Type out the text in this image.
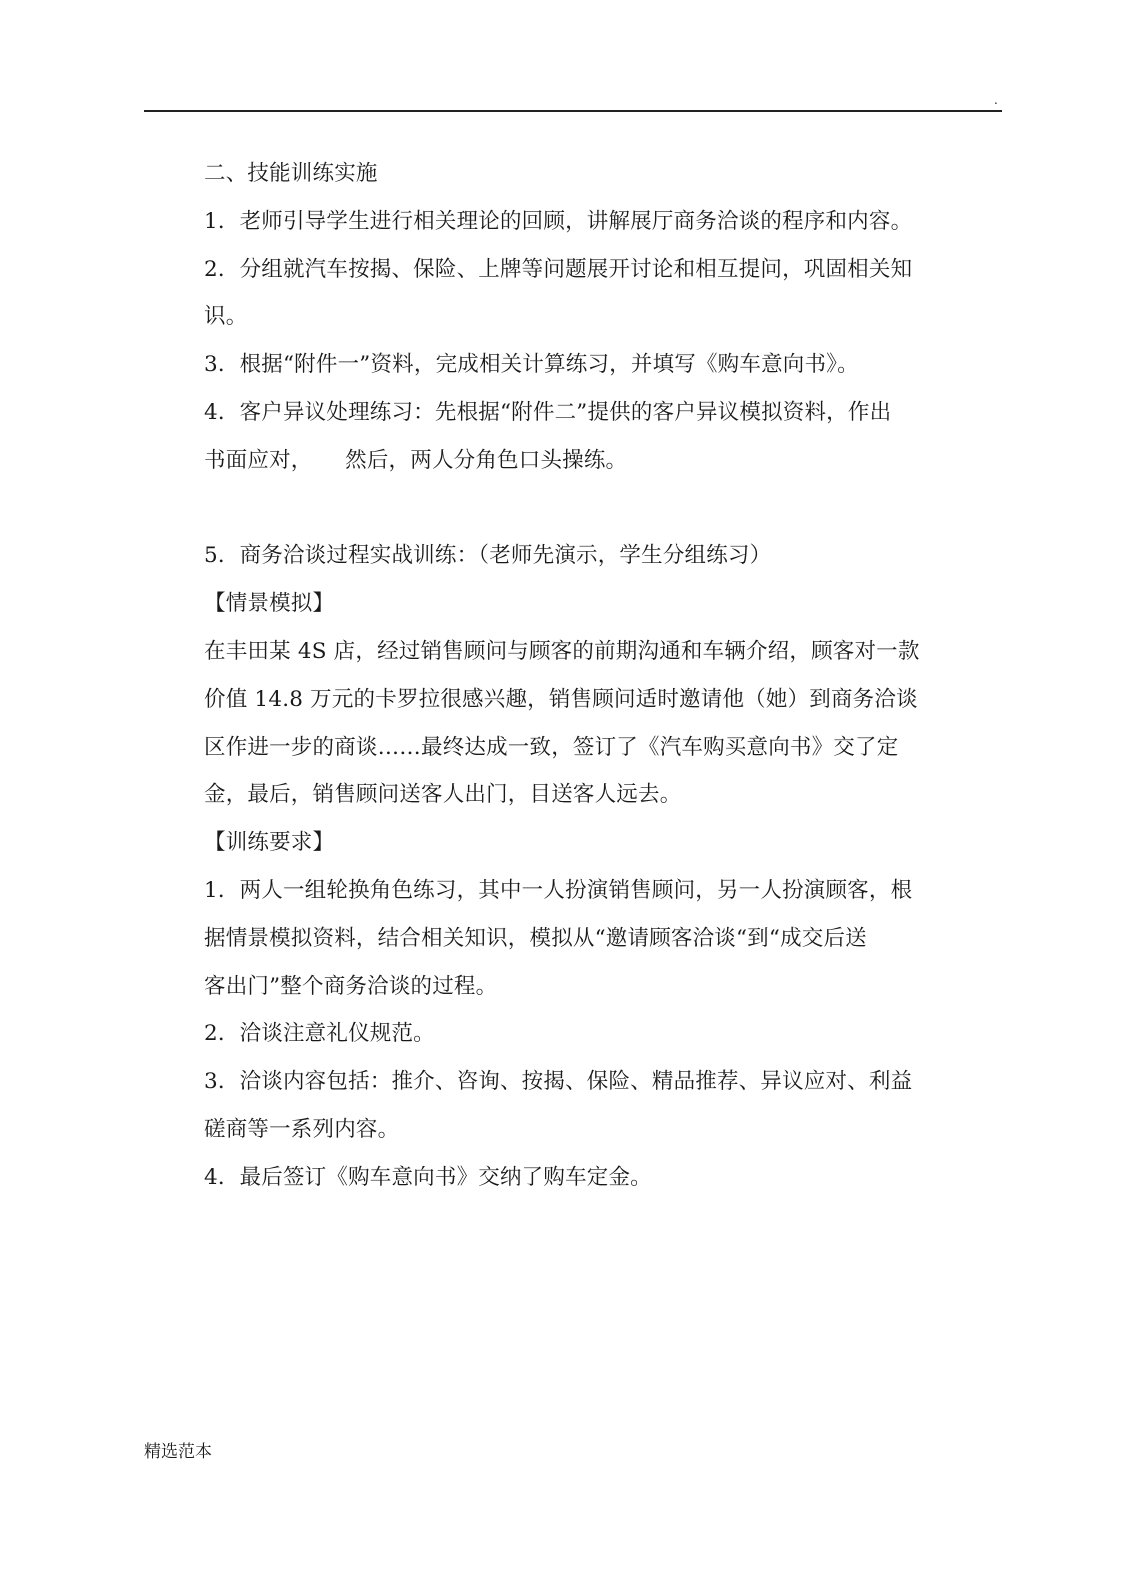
.

二、技能训练实施

1．老师引导学生进行相关理论的回顾，讲解展厅商务洽谈的程序和内容。

2．分组就汽车按揭、保险、上牌等问题展开讨论和相互提问，巩固相关知

识。

3．根据“附件一”资料，完成相关计算练习，并填写《购车意向书》。

4．客户异议处理练习：先根据“附件二”提供的客户异议模拟资料，作出

书面应对，　　然后，两人分角色口头操练。

5．商务洽谈过程实战训练：（老师先演示，学生分组练习）

【情景模拟】

在丰田某 4S 店，经过销售顾问与顾客的前期沟通和车辆介绍，顾客对一款

价值 14.8 万元的卡罗拉很感兴趣，销售顾问适时邀请他（她）到商务洽谈

区作进一步的商谈……最终达成一致，签订了《汽车购买意向书》交了定

金，最后，销售顾问送客人出门，目送客人远去。

【训练要求】

1．两人一组轮换角色练习，其中一人扮演销售顾问，另一人扮演顾客，根

据情景模拟资料，结合相关知识，模拟从“邀请顾客洽谈“到“成交后送

客出门”整个商务洽谈的过程。

2．洽谈注意礼仪规范。

3．洽谈内容包括：推介、咨询、按揭、保险、精品推荐、异议应对、利益

磋商等一系列内容。

4．最后签订《购车意向书》交纳了购车定金。

精选范本
